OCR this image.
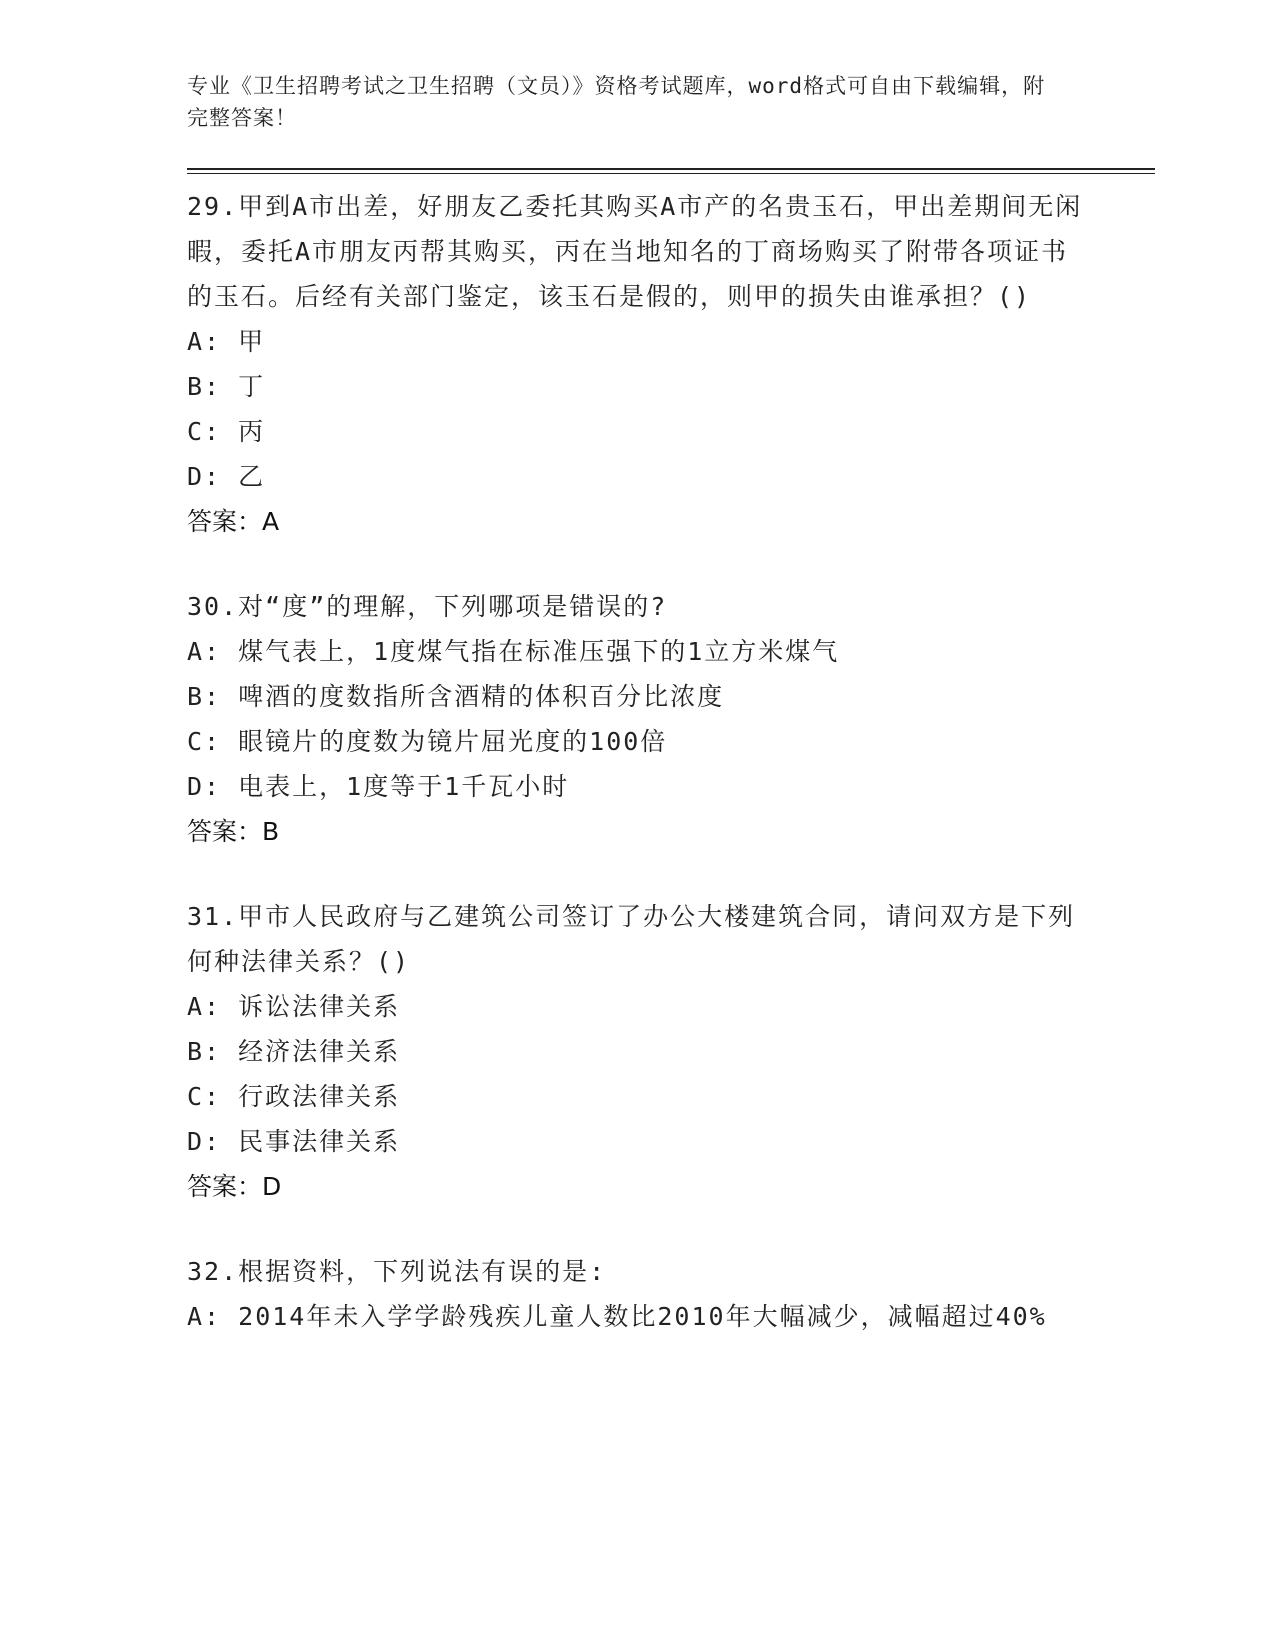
专业《卫生招聘考试之卫生招聘（文员）》资格考试题库，word格式可自由下载编辑，附完整答案！

29.甲到A市出差，好朋友乙委托其购买A市产的名贵玉石，甲出差期间无闲暇，委托A市朋友丙帮其购买，丙在当地知名的丁商场购买了附带各项证书的玉石。后经有关部门鉴定，该玉石是假的，则甲的损失由谁承担？()

A: 甲

B: 丁

C: 丙

D: 乙

答案：A

30.对“度”的理解，下列哪项是错误的?

A: 煤气表上，1度煤气指在标准压强下的1立方米煤气

B: 啤酒的度数指所含酒精的体积百分比浓度

C: 眼镜片的度数为镜片屈光度的100倍

D: 电表上，1度等于1千瓦小时

答案：B

31.甲市人民政府与乙建筑公司签订了办公大楼建筑合同，请问双方是下列何种法律关系？()

A: 诉讼法律关系

B: 经济法律关系

C: 行政法律关系

D: 民事法律关系

答案：D

32.根据资料，下列说法有误的是:

A: 2014年未入学学龄残疾儿童人数比2010年大幅减少，减幅超过40%
